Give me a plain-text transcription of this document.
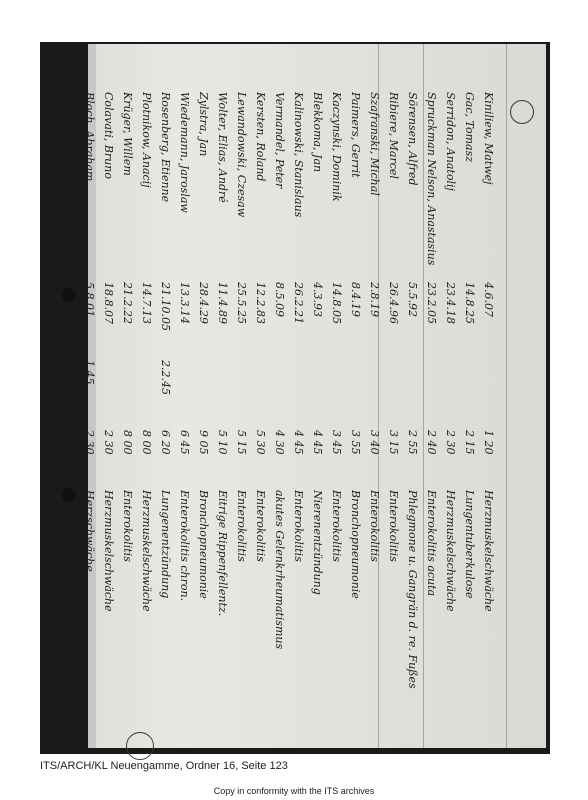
Bloch, Abraham
5.8.01
1.45
2 30
Herzschwäche
Colavati, Bruno
18.8.07
2 30
Herzmuskelschwäche
Krüger, Willem
21.2.22
8 00
Enterokolitis
Plotnikow, Anacij
14.7.13
8 00
Herzmuskelschwäche
Rosenberg, Etienne
21.10.05
2.2.45
6 20
Lungenentzündung
Wiedemann, Jaroslaw
13.3.14
6 45
Enterokolitis chron.
Zylstra, Jan
28.4.29
9 05
Bronchopneumonie
Wolter, Elias, André
11.4.89
5 10
Eitrige Rippenfellentz.
Lewandowski, Czesaw
25.5.25
5 15
Enterokolitis
Kersten, Roland
12.2.83
5 30
Enterokolitis
Vermandel, Peter
8.5.09
4 30
akutes Gelenkrheumatismus
Kalinowski, Stanislaus
26.2.21
4 45
Enterokolitis
Blekkoma, Jan
4.3.93
4 45
Nierenentzündung
Kaczynski, Dominik
14.8.05
3 45
Enterokolitis
Paimers, Gerrit
8.4.19
3 55
Bronchopneumonie
Szafranski, Michal
2.8.19
3 40
Enterokolitis
Ribiere, Marcel
26.4.96
3 15
Enterokolitis
Sörensen, Alfred
5.5.92
2 55
Phlegmone u. Gangrän d. re. Fußes
Spruckman Nelson, Anastasius
23.2.05
2 40
Enterokolitis acuta
Serridon, Anatolij
23.4.18
2 30
Herzmuskelschwäche
Gac, Tomasz
14.8.25
2 15
Lungentuberkulose
Kiniliew, Matwej
4.6.07
1 20
Herzmuskelschwäche
ITS/ARCH/KL Neuengamme, Ordner 16, Seite 123
Copy in conformity with the ITS archives
